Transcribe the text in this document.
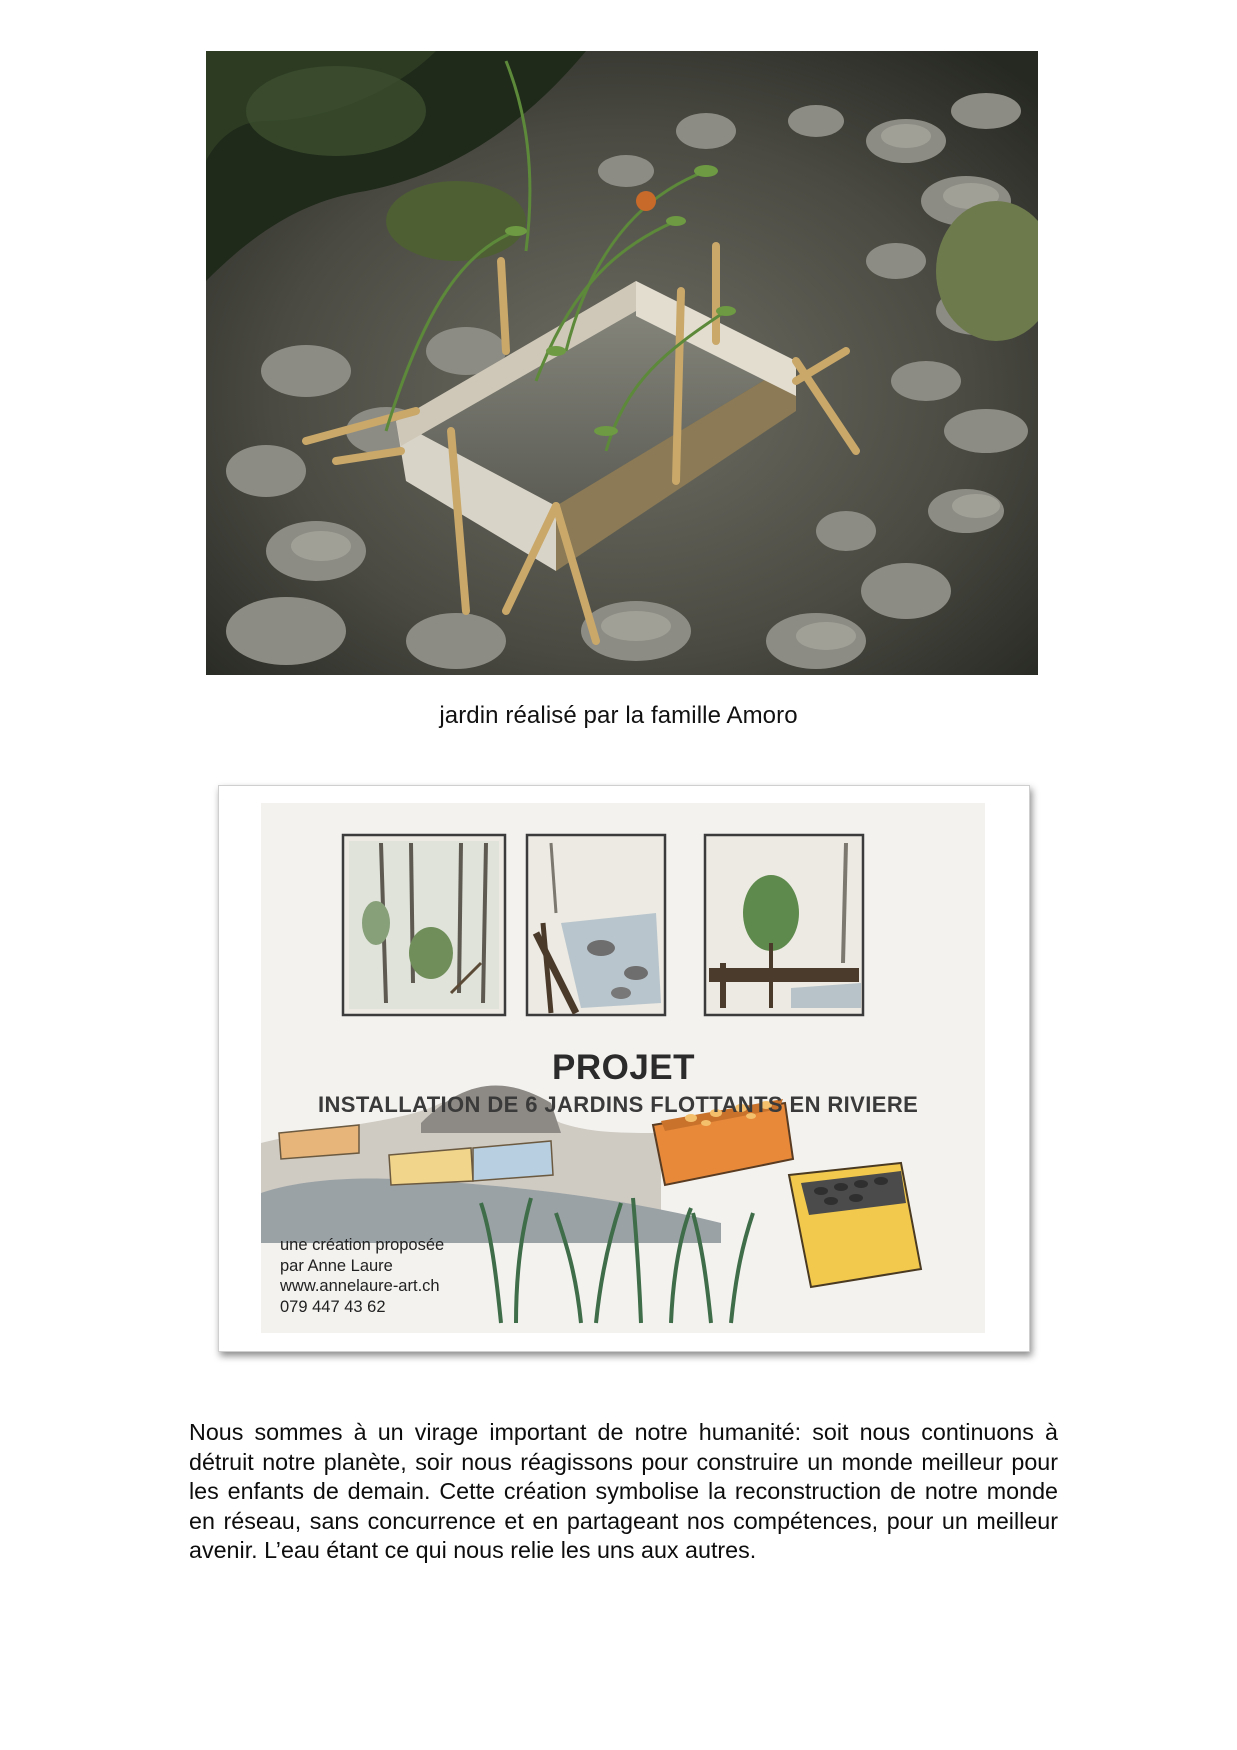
jardin réalisé par la famille Amoro
PROJET
INSTALLATION DE 6 JARDINS FLOTTANTS EN RIVIERE
une création proposée
par Anne Laure
www.annelaure-art.ch
079 447 43 62
Nous sommes à un virage important de notre humanité: soit nous continuons à détruit notre planète, soir nous réagissons pour construire un monde meilleur pour les enfants de demain. Cette création symbolise la reconstruction de notre monde en réseau, sans concurrence et en partageant nos compétences, pour un meilleur avenir. L’eau étant ce qui nous relie les uns aux autres.
